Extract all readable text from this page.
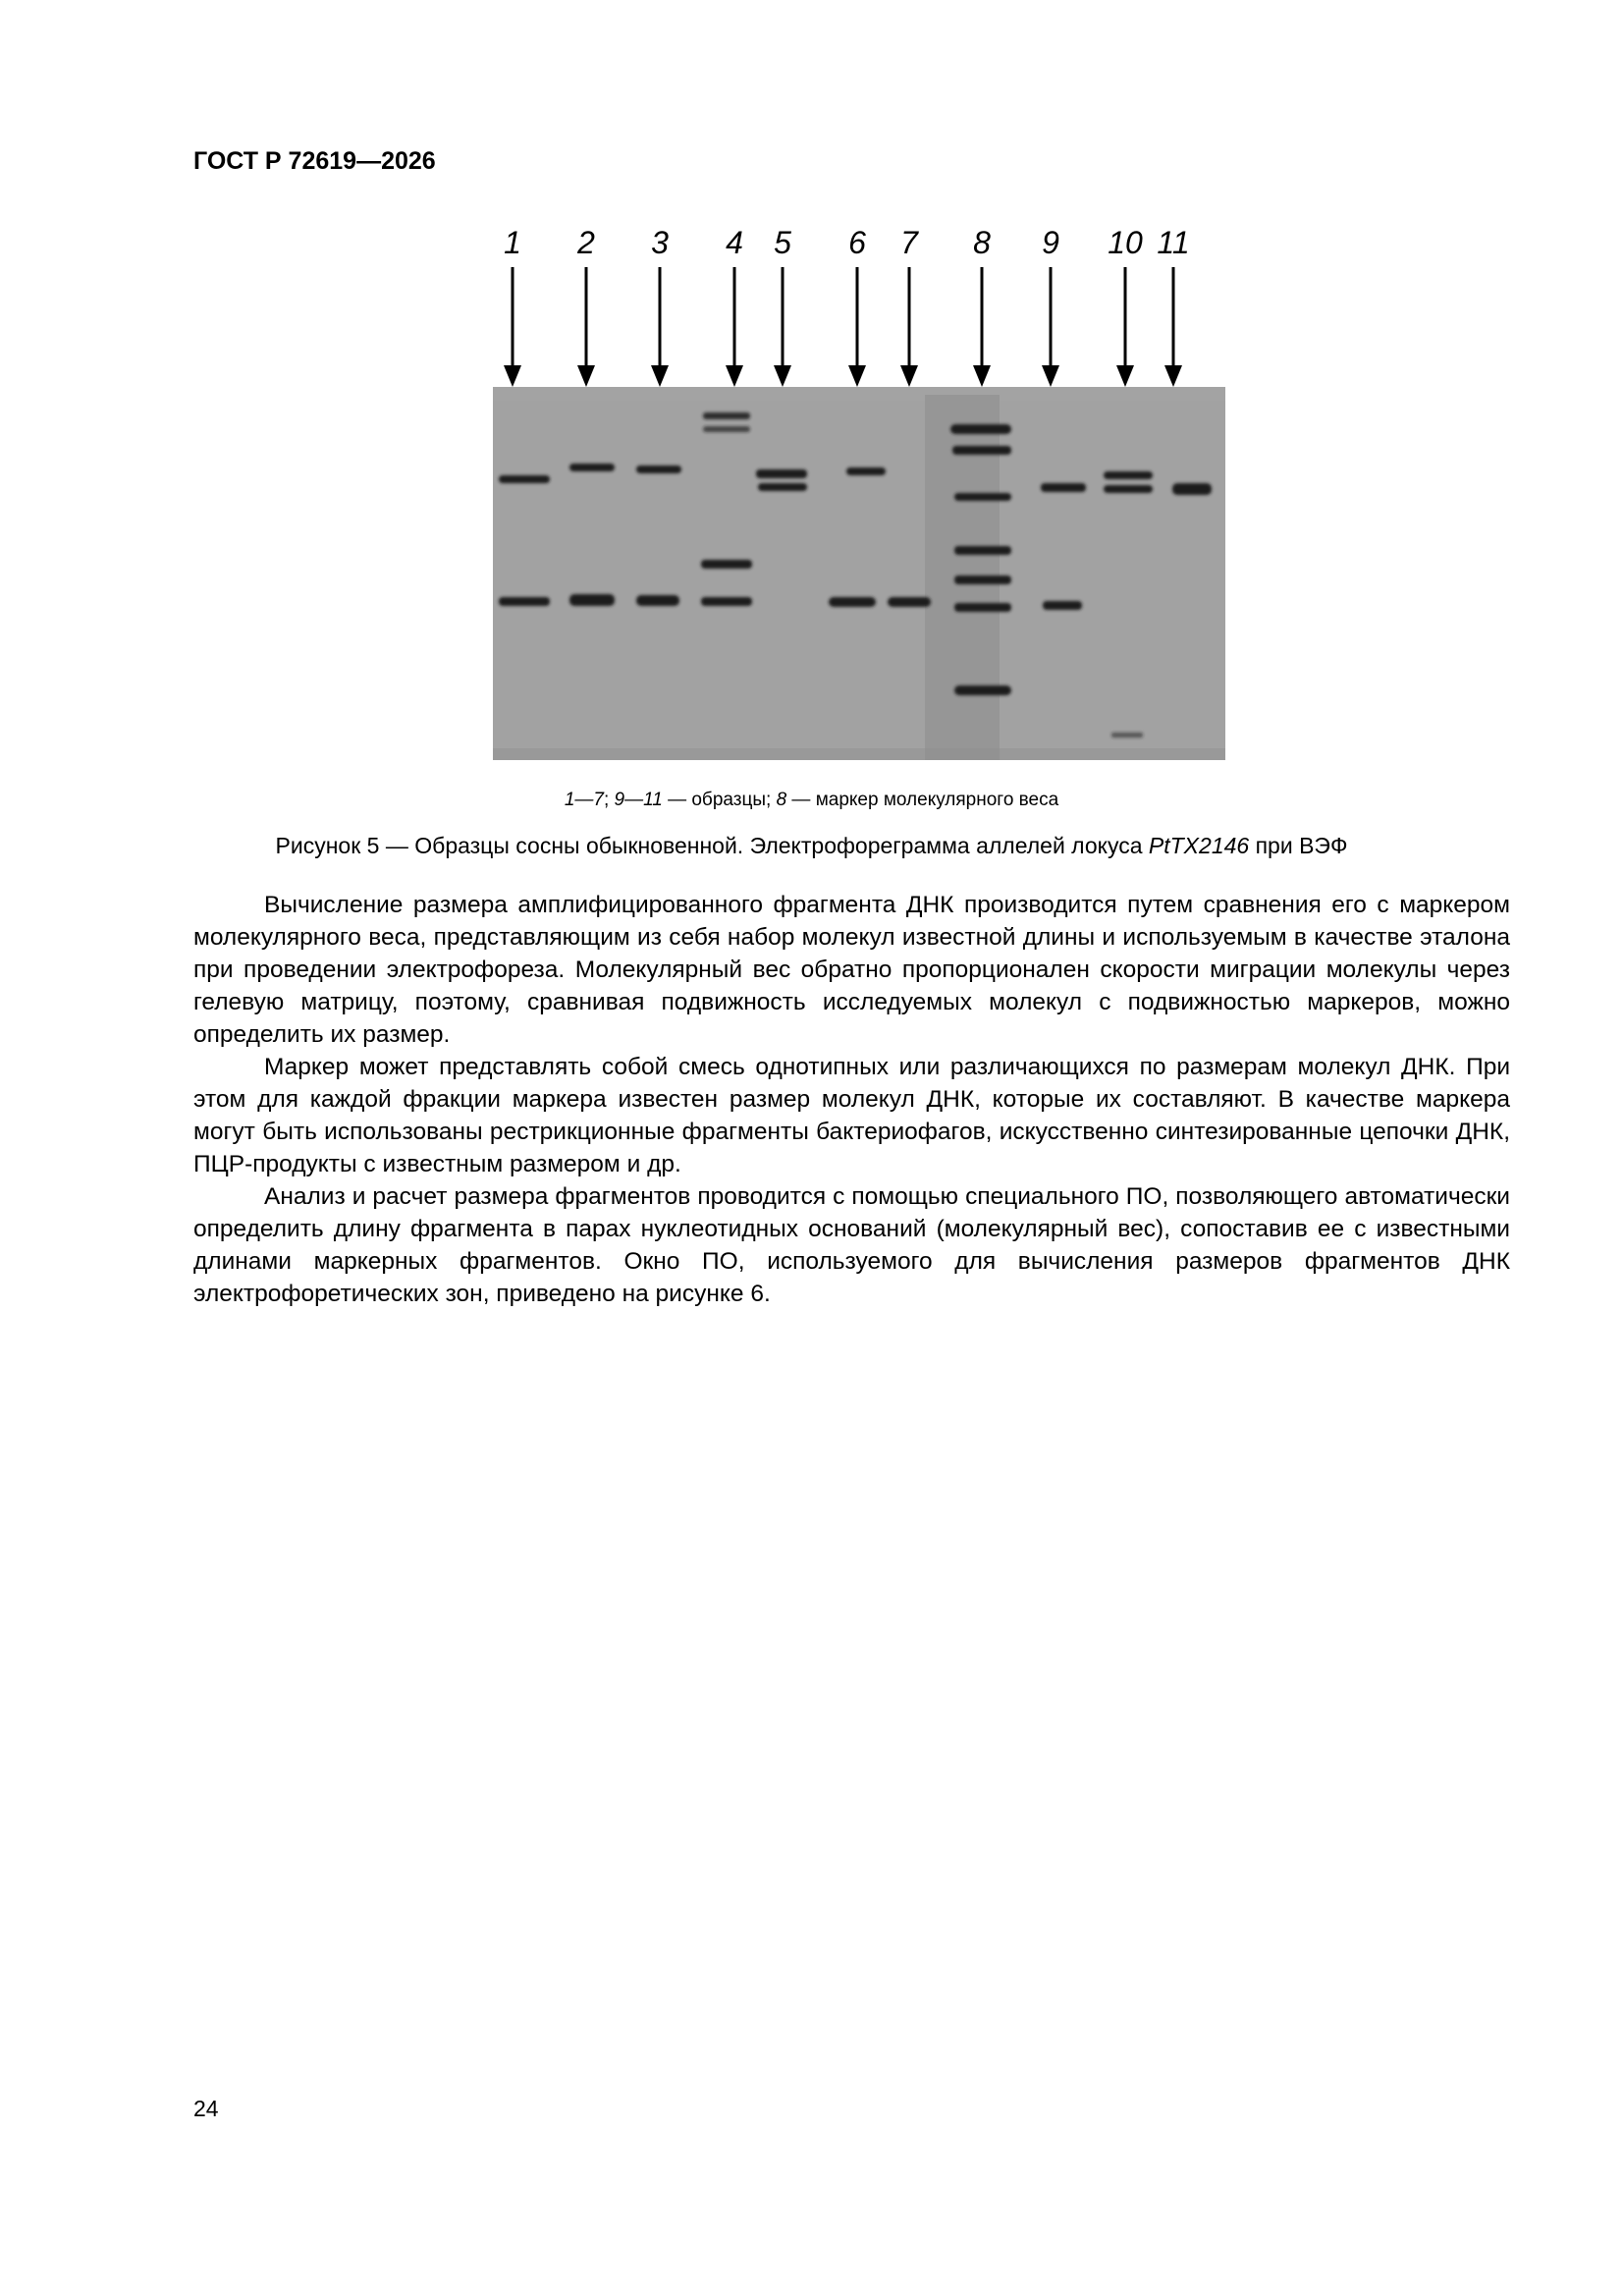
ГОСТ Р 72619—2026
1 2 3 4 5 6 7 8 9 10 11
1—7; 9—11 — образцы; 8 — маркер молекулярного веса
Рисунок 5 — Образцы сосны обыкновенной. Электрофореграмма аллелей локуса PtTX2146 при ВЭФ

Вычисление размера амплифицированного фрагмента ДНК производится путем сравнения его с маркером молекулярного веса, представляющим из себя набор молекул известной длины и используемым в качестве эталона при проведении электрофореза. Молекулярный вес обратно пропорционален скорости миграции молекулы через гелевую матрицу, поэтому, сравнивая подвижность исследуемых молекул с подвижностью маркеров, можно определить их размер.

Маркер может представлять собой смесь однотипных или различающихся по размерам молекул ДНК. При этом для каждой фракции маркера известен размер молекул ДНК, которые их составляют. В качестве маркера могут быть использованы рестрикционные фрагменты бактериофагов, искусственно синтезированные цепочки ДНК, ПЦР-продукты с известным размером и др.

Анализ и расчет размера фрагментов проводится с помощью специального ПО, позволяющего автоматически определить длину фрагмента в парах нуклеотидных оснований (молекулярный вес), сопоставив ее с известными длинами маркерных фрагментов. Окно ПО, используемого для вычисления размеров фрагментов ДНК электрофоретических зон, приведено на рисунке 6.

24
